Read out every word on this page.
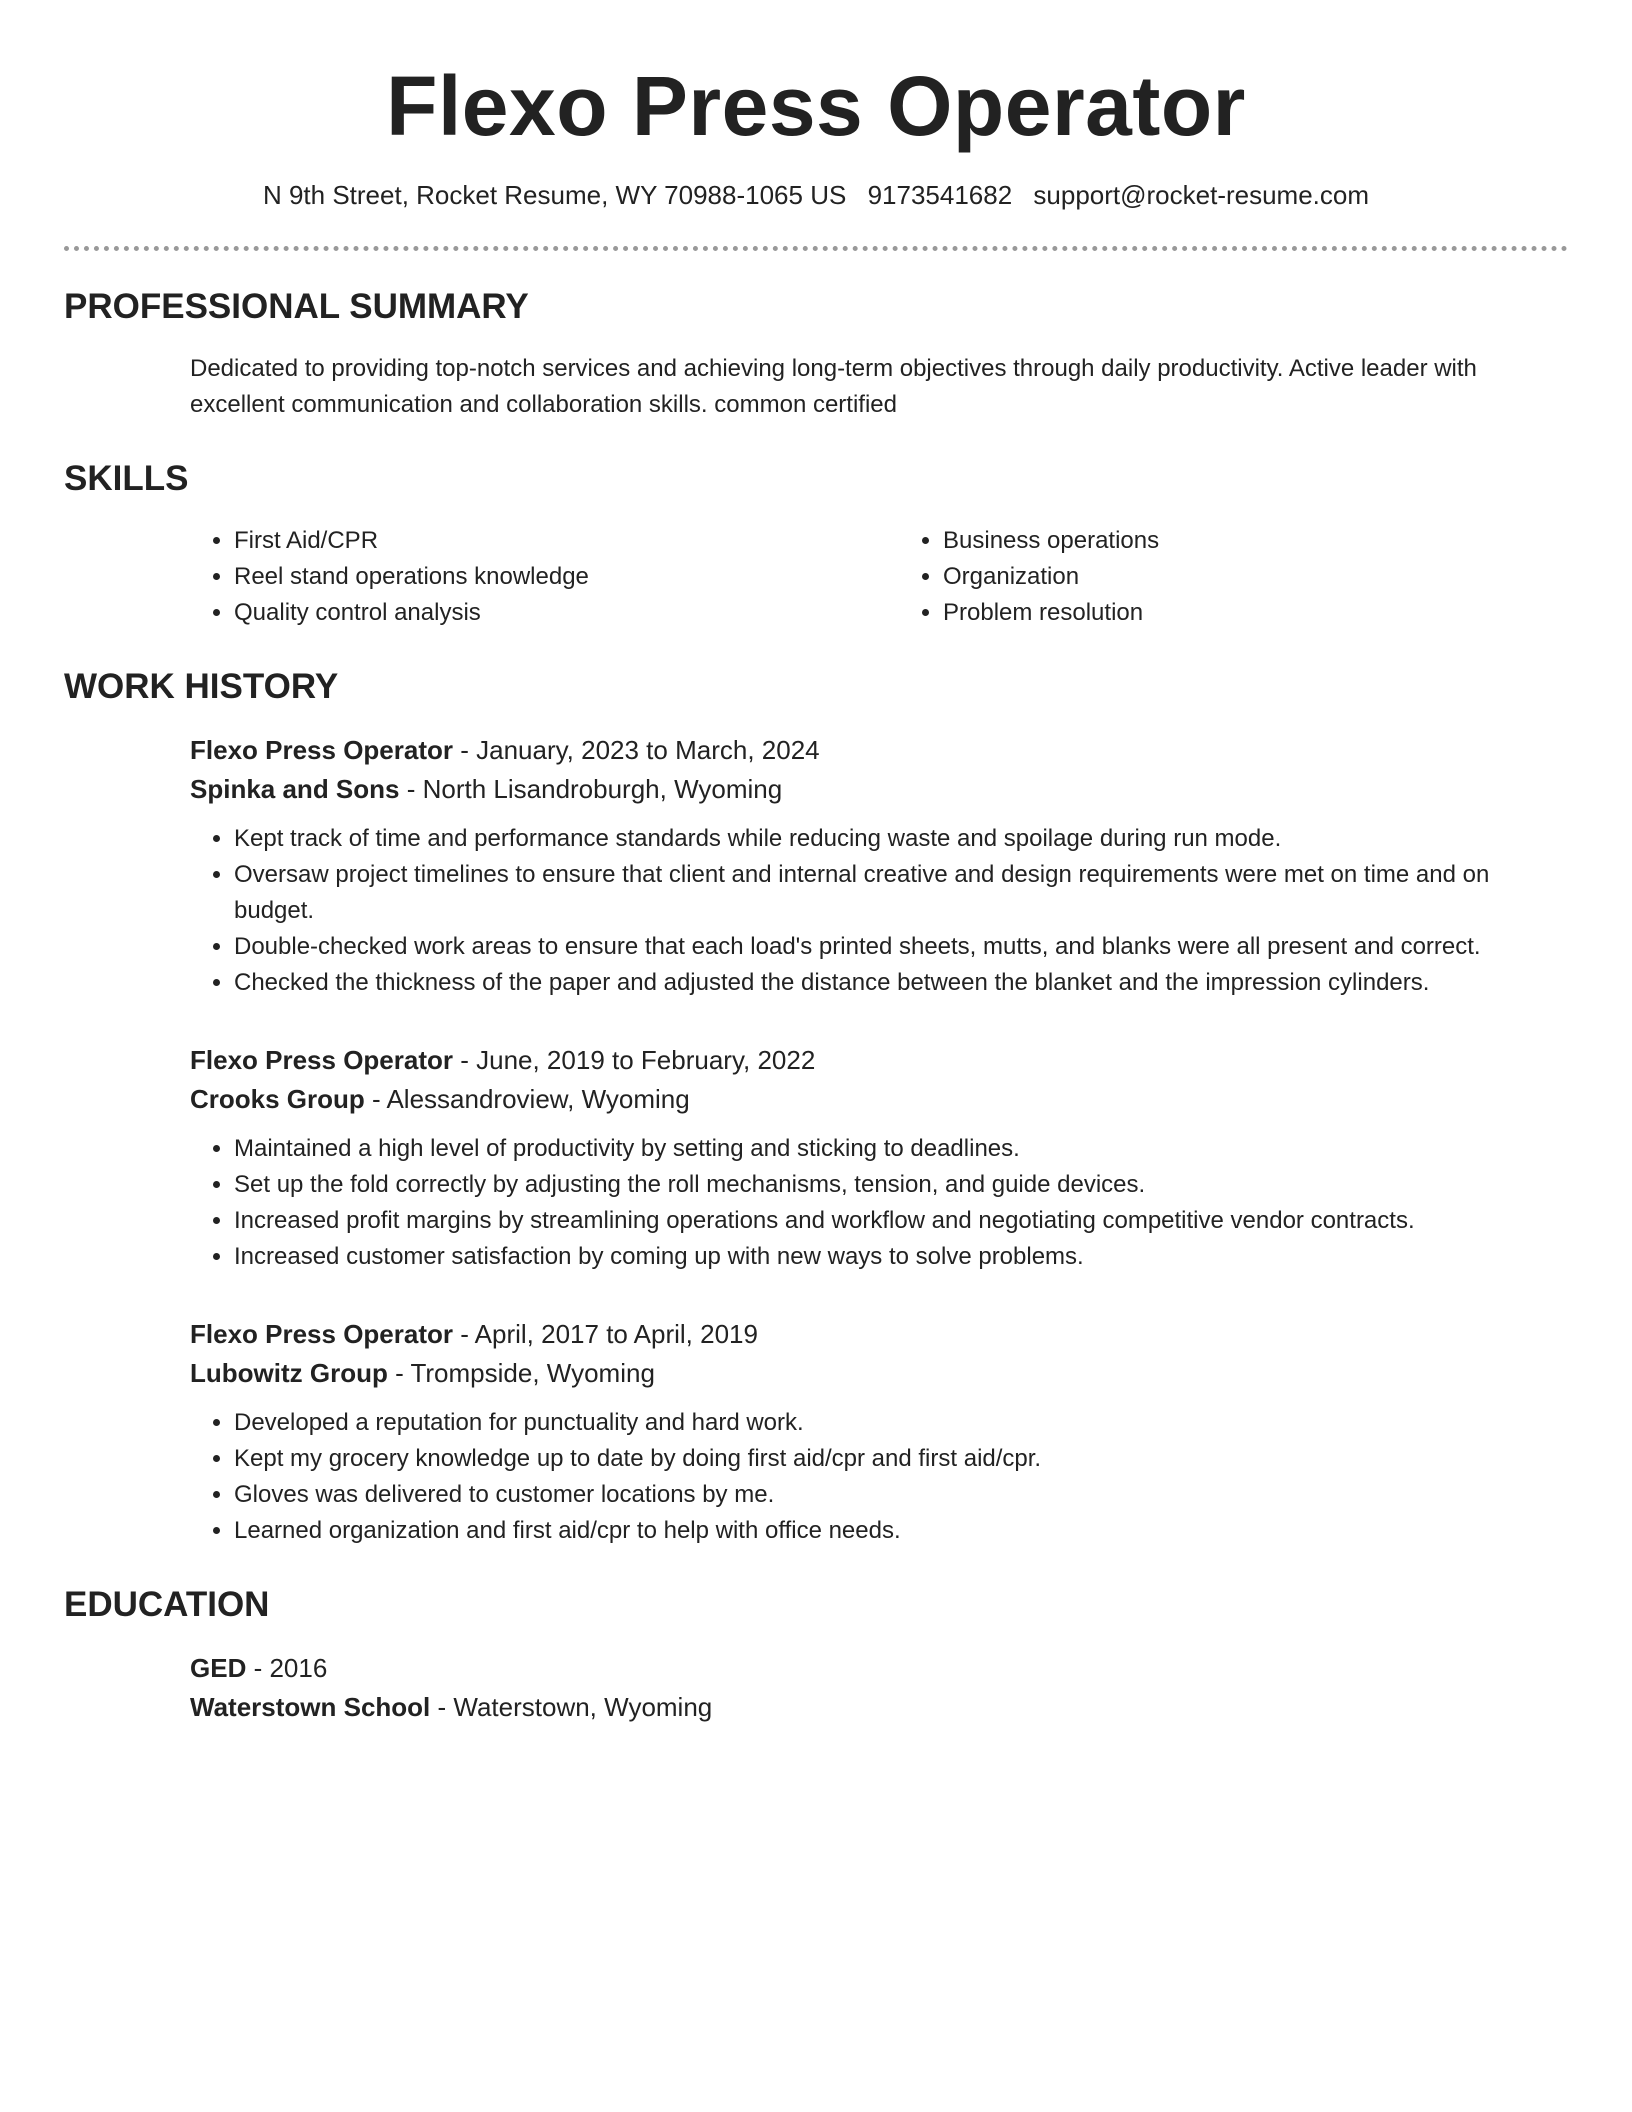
Flexo Press Operator
N 9th Street, Rocket Resume, WY 70988-1065 US 9173541682 support@rocket-resume.com
PROFESSIONAL SUMMARY

Dedicated to providing top-notch services and achieving long-term objectives through daily productivity. Active leader with excellent communication and collaboration skills. common certified

SKILLS
• First Aid/CPR
• Reel stand operations knowledge
• Quality control analysis
• Business operations
• Organization
• Problem resolution
WORK HISTORY
Flexo Press Operator - January, 2023 to March, 2024
Spinka and Sons - North Lisandroburgh, Wyoming
• Kept track of time and performance standards while reducing waste and spoilage during run mode.
• Oversaw project timelines to ensure that client and internal creative and design requirements were met on time and on budget.
• Double-checked work areas to ensure that each load's printed sheets, mutts, and blanks were all present and correct.
• Checked the thickness of the paper and adjusted the distance between the blanket and the impression cylinders.
Flexo Press Operator - June, 2019 to February, 2022
Crooks Group - Alessandroview, Wyoming
• Maintained a high level of productivity by setting and sticking to deadlines.
• Set up the fold correctly by adjusting the roll mechanisms, tension, and guide devices.
• Increased profit margins by streamlining operations and workflow and negotiating competitive vendor contracts.
• Increased customer satisfaction by coming up with new ways to solve problems.
Flexo Press Operator - April, 2017 to April, 2019
Lubowitz Group - Trompside, Wyoming
• Developed a reputation for punctuality and hard work.
• Kept my grocery knowledge up to date by doing first aid/cpr and first aid/cpr.
• Gloves was delivered to customer locations by me.
• Learned organization and first aid/cpr to help with office needs.
EDUCATION
GED - 2016
Waterstown School - Waterstown, Wyoming
